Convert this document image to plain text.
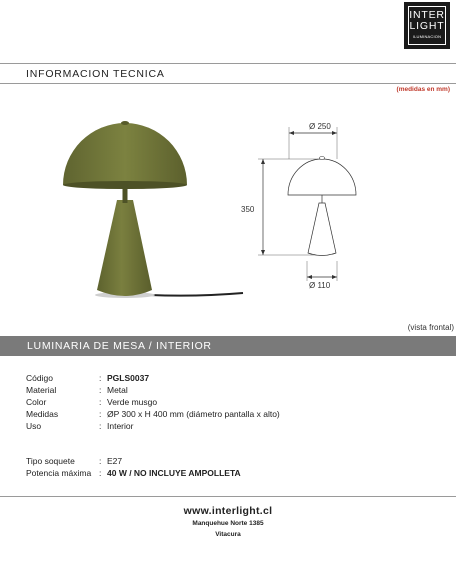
INTER
LIGHT
ILUMINACION
INFORMACION TECNICA
(medidas en mm)
Ø 250
350
Ø 110
(vista frontal)
LUMINARIA DE MESA / INTERIOR
Código	: PGLS0037
Material	: Metal
Color	: Verde musgo
Medidas	: ØP 300 x H 400 mm (diámetro pantalla x alto)
Uso	: Interior
Tipo soquete	: E27
Potencia máxima : 40 W / NO INCLUYE AMPOLLETA
www.interlight.cl
Manquehue Norte 1385
Vitacura
